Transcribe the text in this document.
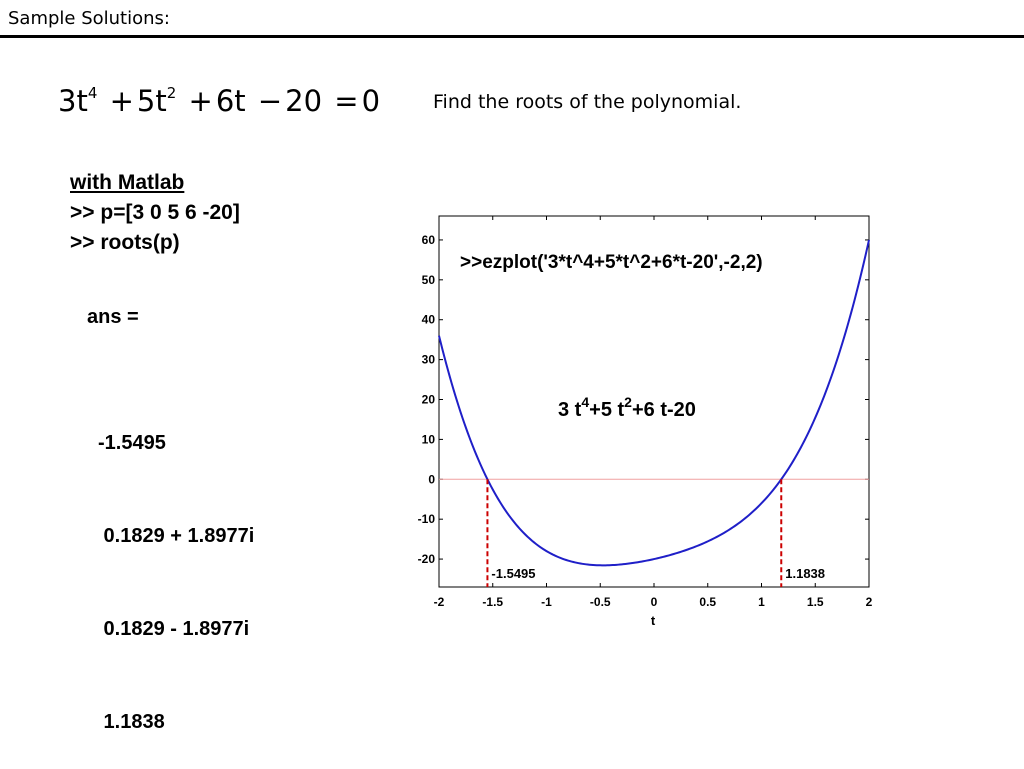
Sample Solutions:
$3t^4 + 5t^2 + 6t - 20 = 0$	Find the roots of the polynomial.
with Matlab
>> p=[3 0 5 6 -20]
>> roots(p)
ans =

-1.5495

0.1829 + 1.8977i

0.1829 - 1.8977i

1.1838

-2	-1.5	-1	-0.5	0	0.5	1	1.5	2
-20
-10
0
10
20
30
40
50
60
-1.5495	1.1838
>>ezplot('3*t^4+5*t^2+6*t-20',-2,2)
3 $t^4+5$ $t^2+6$ t-20
t
